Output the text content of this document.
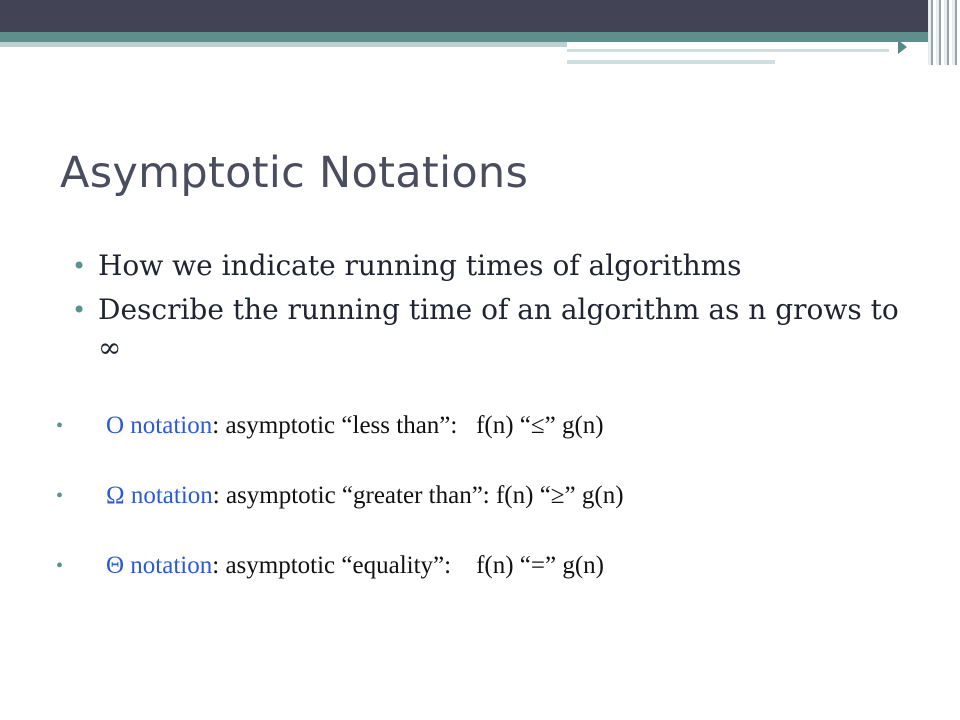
Asymptotic Notations
• How we indicate running times of algorithms
• Describe the running time of an algorithm as n grows to ∞

•

O notation: asymptotic “less than”:   f(n) “≤” g(n)

•

Ω notation: asymptotic “greater than”: f(n) “≥” g(n)

•

Θ notation: asymptotic “equality”:    f(n) “=” g(n)
